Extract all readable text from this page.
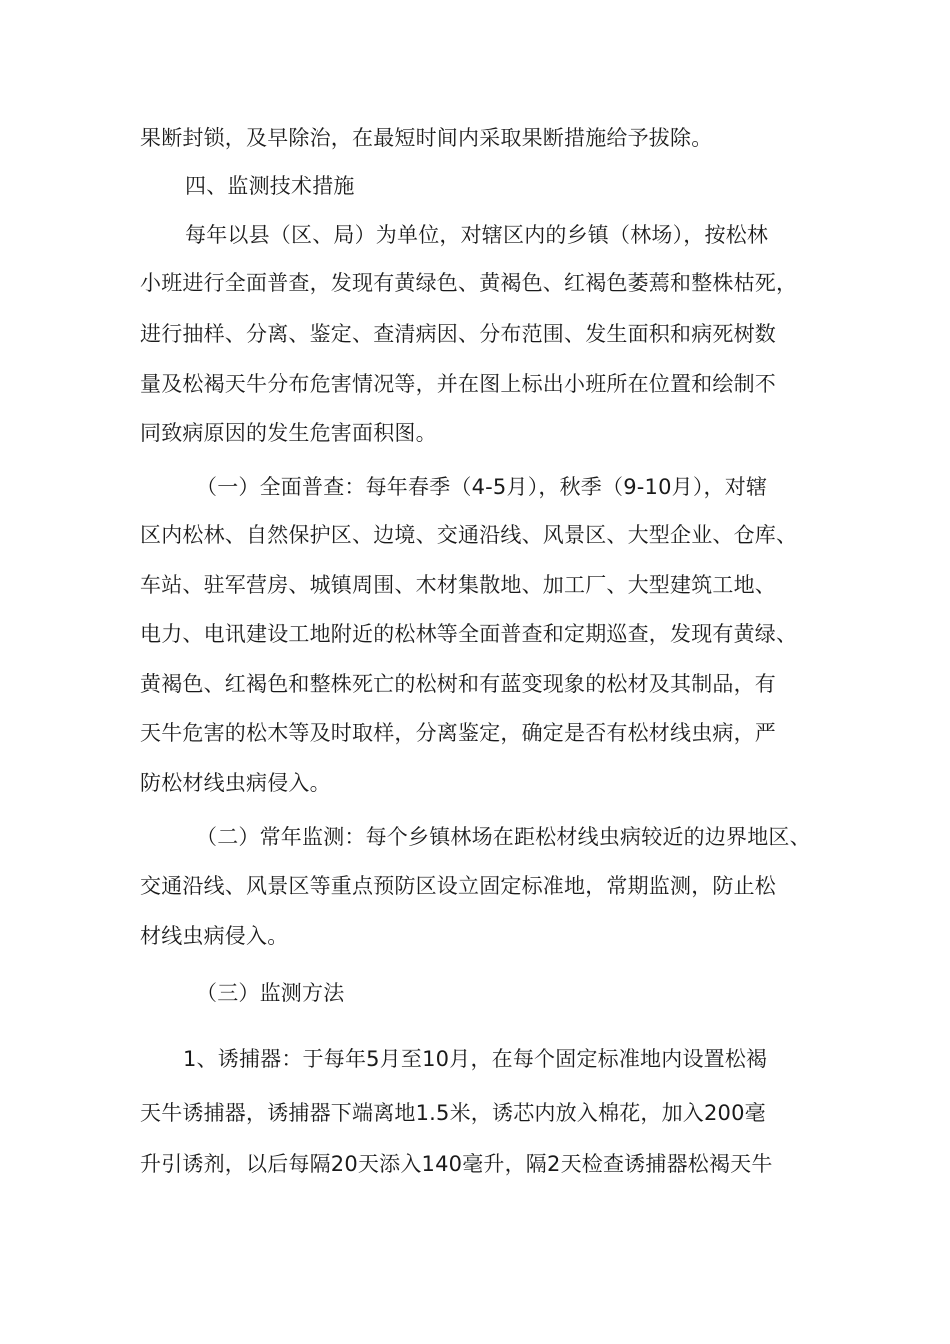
果断封锁，及早除治，在最短时间内采取果断措施给予拔除。
四、监测技术措施
每年以县（区、局）为单位，对辖区内的乡镇（林场），按松林
小班进行全面普查，发现有黄绿色、黄褐色、红褐色萎蔫和整株枯死，
进行抽样、分离、鉴定、查清病因、分布范围、发生面积和病死树数
量及松褐天牛分布危害情况等，并在图上标出小班所在位置和绘制不
同致病原因的发生危害面积图。
（一）全面普查：每年春季（4-5月），秋季（9-10月），对辖
区内松林、自然保护区、边境、交通沿线、风景区、大型企业、仓库、
车站、驻军营房、城镇周围、木材集散地、加工厂、大型建筑工地、
电力、电讯建设工地附近的松林等全面普查和定期巡查，发现有黄绿、
黄褐色、红褐色和整株死亡的松树和有蓝变现象的松材及其制品，有
天牛危害的松木等及时取样，分离鉴定，确定是否有松材线虫病，严
防松材线虫病侵入。
（二）常年监测：每个乡镇林场在距松材线虫病较近的边界地区、
交通沿线、风景区等重点预防区设立固定标准地，常期监测，防止松
材线虫病侵入。
（三）监测方法
1、诱捕器：于每年5月至10月，在每个固定标准地内设置松褐
天牛诱捕器，诱捕器下端离地1.5米，诱芯内放入棉花，加入200毫
升引诱剂，以后每隔20天添入140毫升，隔2天检查诱捕器松褐天牛
